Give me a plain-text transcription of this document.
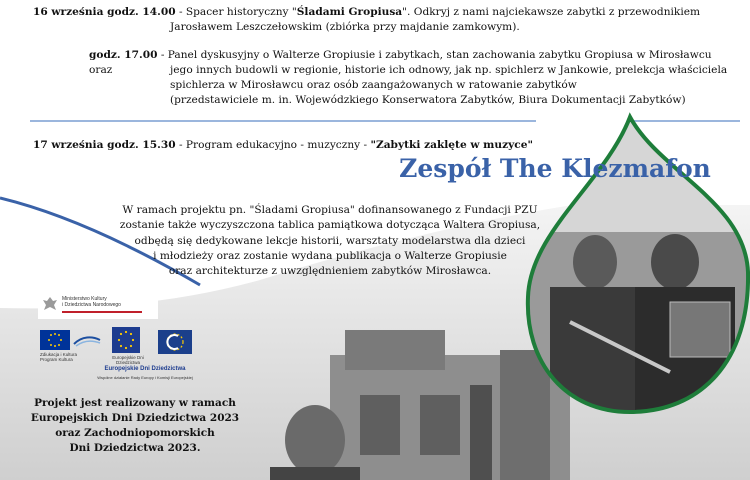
16 września godz. 14.00 - Spacer historyczny "Śladami Gropiusa". Odkryj z nami najciekawsze zabytki z przewodnikiem
Jarosławem Leszczełowskim (zbiórka przy majdanie zamkowym).
godz. 17.00 - Panel dyskusyjny o Walterze Gropiusie i zabytkach, stan zachowania zabytku Gropiusa w Mirosławcu oraz	jego innych budowli w regionie, historie ich odnowy, jak np. spichlerz w Jankowie, prelekcja właściciela
spichlerza w Mirosławcu oraz osób zaangażowanych w ratowanie zabytków
(przedstawiciele m. in. Wojewódzkiego Konserwatora Zabytków, Biura Dokumentacji Zabytków)
17 września godz. 15.30 - Program edukacyjno - muzyczny - "Zabytki zaklęte w muzyce"
Zespół The Klezmafon
W ramach projektu pn. "Śladami Gropiusa" dofinansowanego z Fundacji PZU
zostanie także wyczyszczona tablica pamiątkowa dotycząca Waltera Gropiusa,
odbędą się dedykowane lekcje historii, warsztaty modelarstwa dla dzieci
i młodzieży oraz zostanie wydana publikacja o Walterze Gropiusie
oraz architekturze z uwzględnieniem zabytków Mirosławca.
Ministerstwo Kultury
i Dziedzictwa Narodowego
Zdiukacja i Kultura
Program Kultura	Europejskie Dni Dziedzictwa
Europejskie Dni Dziedzictwa
Wspólne działanie Rady Europy i Komisji Europejskiej
Projekt jest realizowany w ramach
Europejskich Dni Dziedzictwa 2023
oraz Zachodniopomorskich
Dni Dziedzictwa 2023.
